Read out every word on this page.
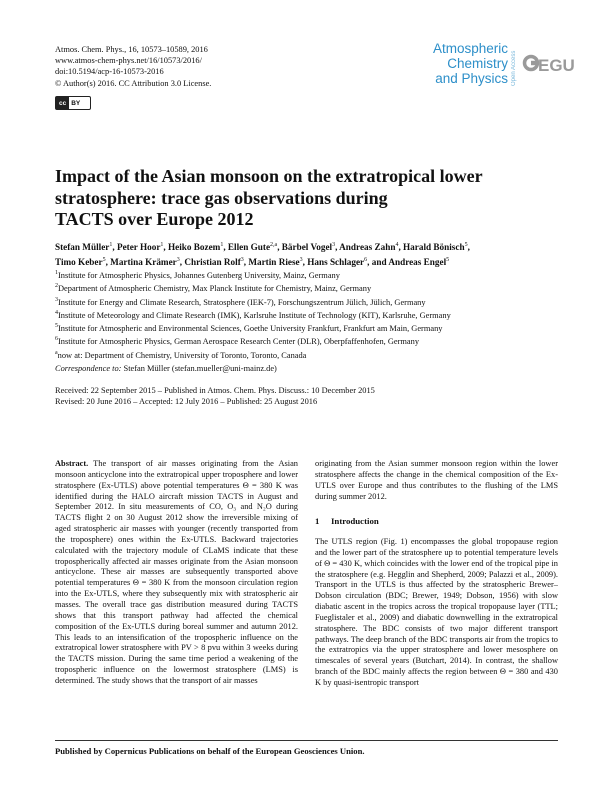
Atmos. Chem. Phys., 16, 10573–10589, 2016
www.atmos-chem-phys.net/16/10573/2016/
doi:10.5194/acp-16-10573-2016
© Author(s) 2016. CC Attribution 3.0 License.
cc BY
Atmospheric
Chemistry
and Physics Open Access EGU
Impact of the Asian monsoon on the extratropical lower
stratosphere: trace gas observations during
TACTS over Europe 2012
Stefan Müller$^1$, Peter Hoor$^1$, Heiko Bozem$^1$, Ellen Gute$^{2,a}$, Bärbel Vogel$^3$, Andreas Zahn$^4$, Harald Bönisch$^5$,
Timo Keber$^5$, Martina Krämer$^3$, Christian Rolf$^3$, Martin Riese$^3$, Hans Schlager$^6$, and Andreas Engel$^5$
$^1$Institute for Atmospheric Physics, Johannes Gutenberg University, Mainz, Germany
$^2$Department of Atmospheric Chemistry, Max Planck Institute for Chemistry, Mainz, Germany
$^3$Institute for Energy and Climate Research, Stratosphere (IEK-7), Forschungszentrum Jülich, Jülich, Germany
$^4$Institute of Meteorology and Climate Research (IMK), Karlsruhe Institute of Technology (KIT), Karlsruhe, Germany
$^5$Institute for Atmospheric and Environmental Sciences, Goethe University Frankfurt, Frankfurt am Main, Germany
$^6$Institute for Atmospheric Physics, German Aerospace Research Center (DLR), Oberpfaffenhofen, Germany
$^a$now at: Department of Chemistry, University of Toronto, Toronto, Canada
Correspondence to: Stefan Müller (stefan.mueller@uni-mainz.de)
Received: 22 September 2015 – Published in Atmos. Chem. Phys. Discuss.: 10 December 2015
Revised: 20 June 2016 – Accepted: 12 July 2016 – Published: 25 August 2016

Abstract. The transport of air masses originating from the Asian monsoon anticyclone into the extratropical upper troposphere and lower stratosphere (Ex-UTLS) above potential temperatures Θ = 380 K was identified during the HALO aircraft mission TACTS in August and September 2012. In situ measurements of CO, O₃ and N₂O during TACTS flight 2 on 30 August 2012 show the irreversible mixing of aged stratospheric air masses with younger (recently transported from the troposphere) ones within the Ex-UTLS. Backward trajectories calculated with the trajectory module of CLaMS indicate that these tropospherically affected air masses originate from the Asian monsoon anticyclone. These air masses are subsequently transported above potential temperatures Θ = 380 K from the monsoon circulation region into the Ex-UTLS, where they subsequently mix with stratospheric air masses. The overall trace gas distribution measured during TACTS shows that this transport pathway had affected the chemical composition of the Ex-UTLS during boreal summer and autumn 2012. This leads to an intensification of the tropospheric influence on the extratropical lower stratosphere with PV > 8 pvu within 3 weeks during the TACTS mission. During the same time period a weakening of the tropospheric influence on the lowermost stratosphere (LMS) is determined. The study shows that the transport of air masses

originating from the Asian summer monsoon region within the lower stratosphere affects the change in the chemical composition of the Ex-UTLS over Europe and thus contributes to the flushing of the LMS during summer 2012.

1 Introduction

The UTLS region (Fig. 1) encompasses the global tropopause region and the lower part of the stratosphere up to potential temperature levels of Θ = 430 K, which coincides with the lower end of the tropical pipe in the stratosphere (e.g. Hegglin and Shepherd, 2009; Palazzi et al., 2009). Transport in the UTLS is thus affected by the stratospheric Brewer–Dobson circulation (BDC; Brewer, 1949; Dobson, 1956) with slow diabatic ascent in the tropics across the tropical tropopause layer (TTL; Fueglistaler et al., 2009) and diabatic downwelling in the extratropical stratosphere. The BDC consists of two major different transport pathways. The deep branch of the BDC transports air from the tropics to the extratropics via the upper stratosphere and lower mesosphere on timescales of several years (Butchart, 2014). In contrast, the shallow branch of the BDC mainly affects the region between Θ = 380 and 430 K by quasi-isentropic transport

Published by Copernicus Publications on behalf of the European Geosciences Union.
